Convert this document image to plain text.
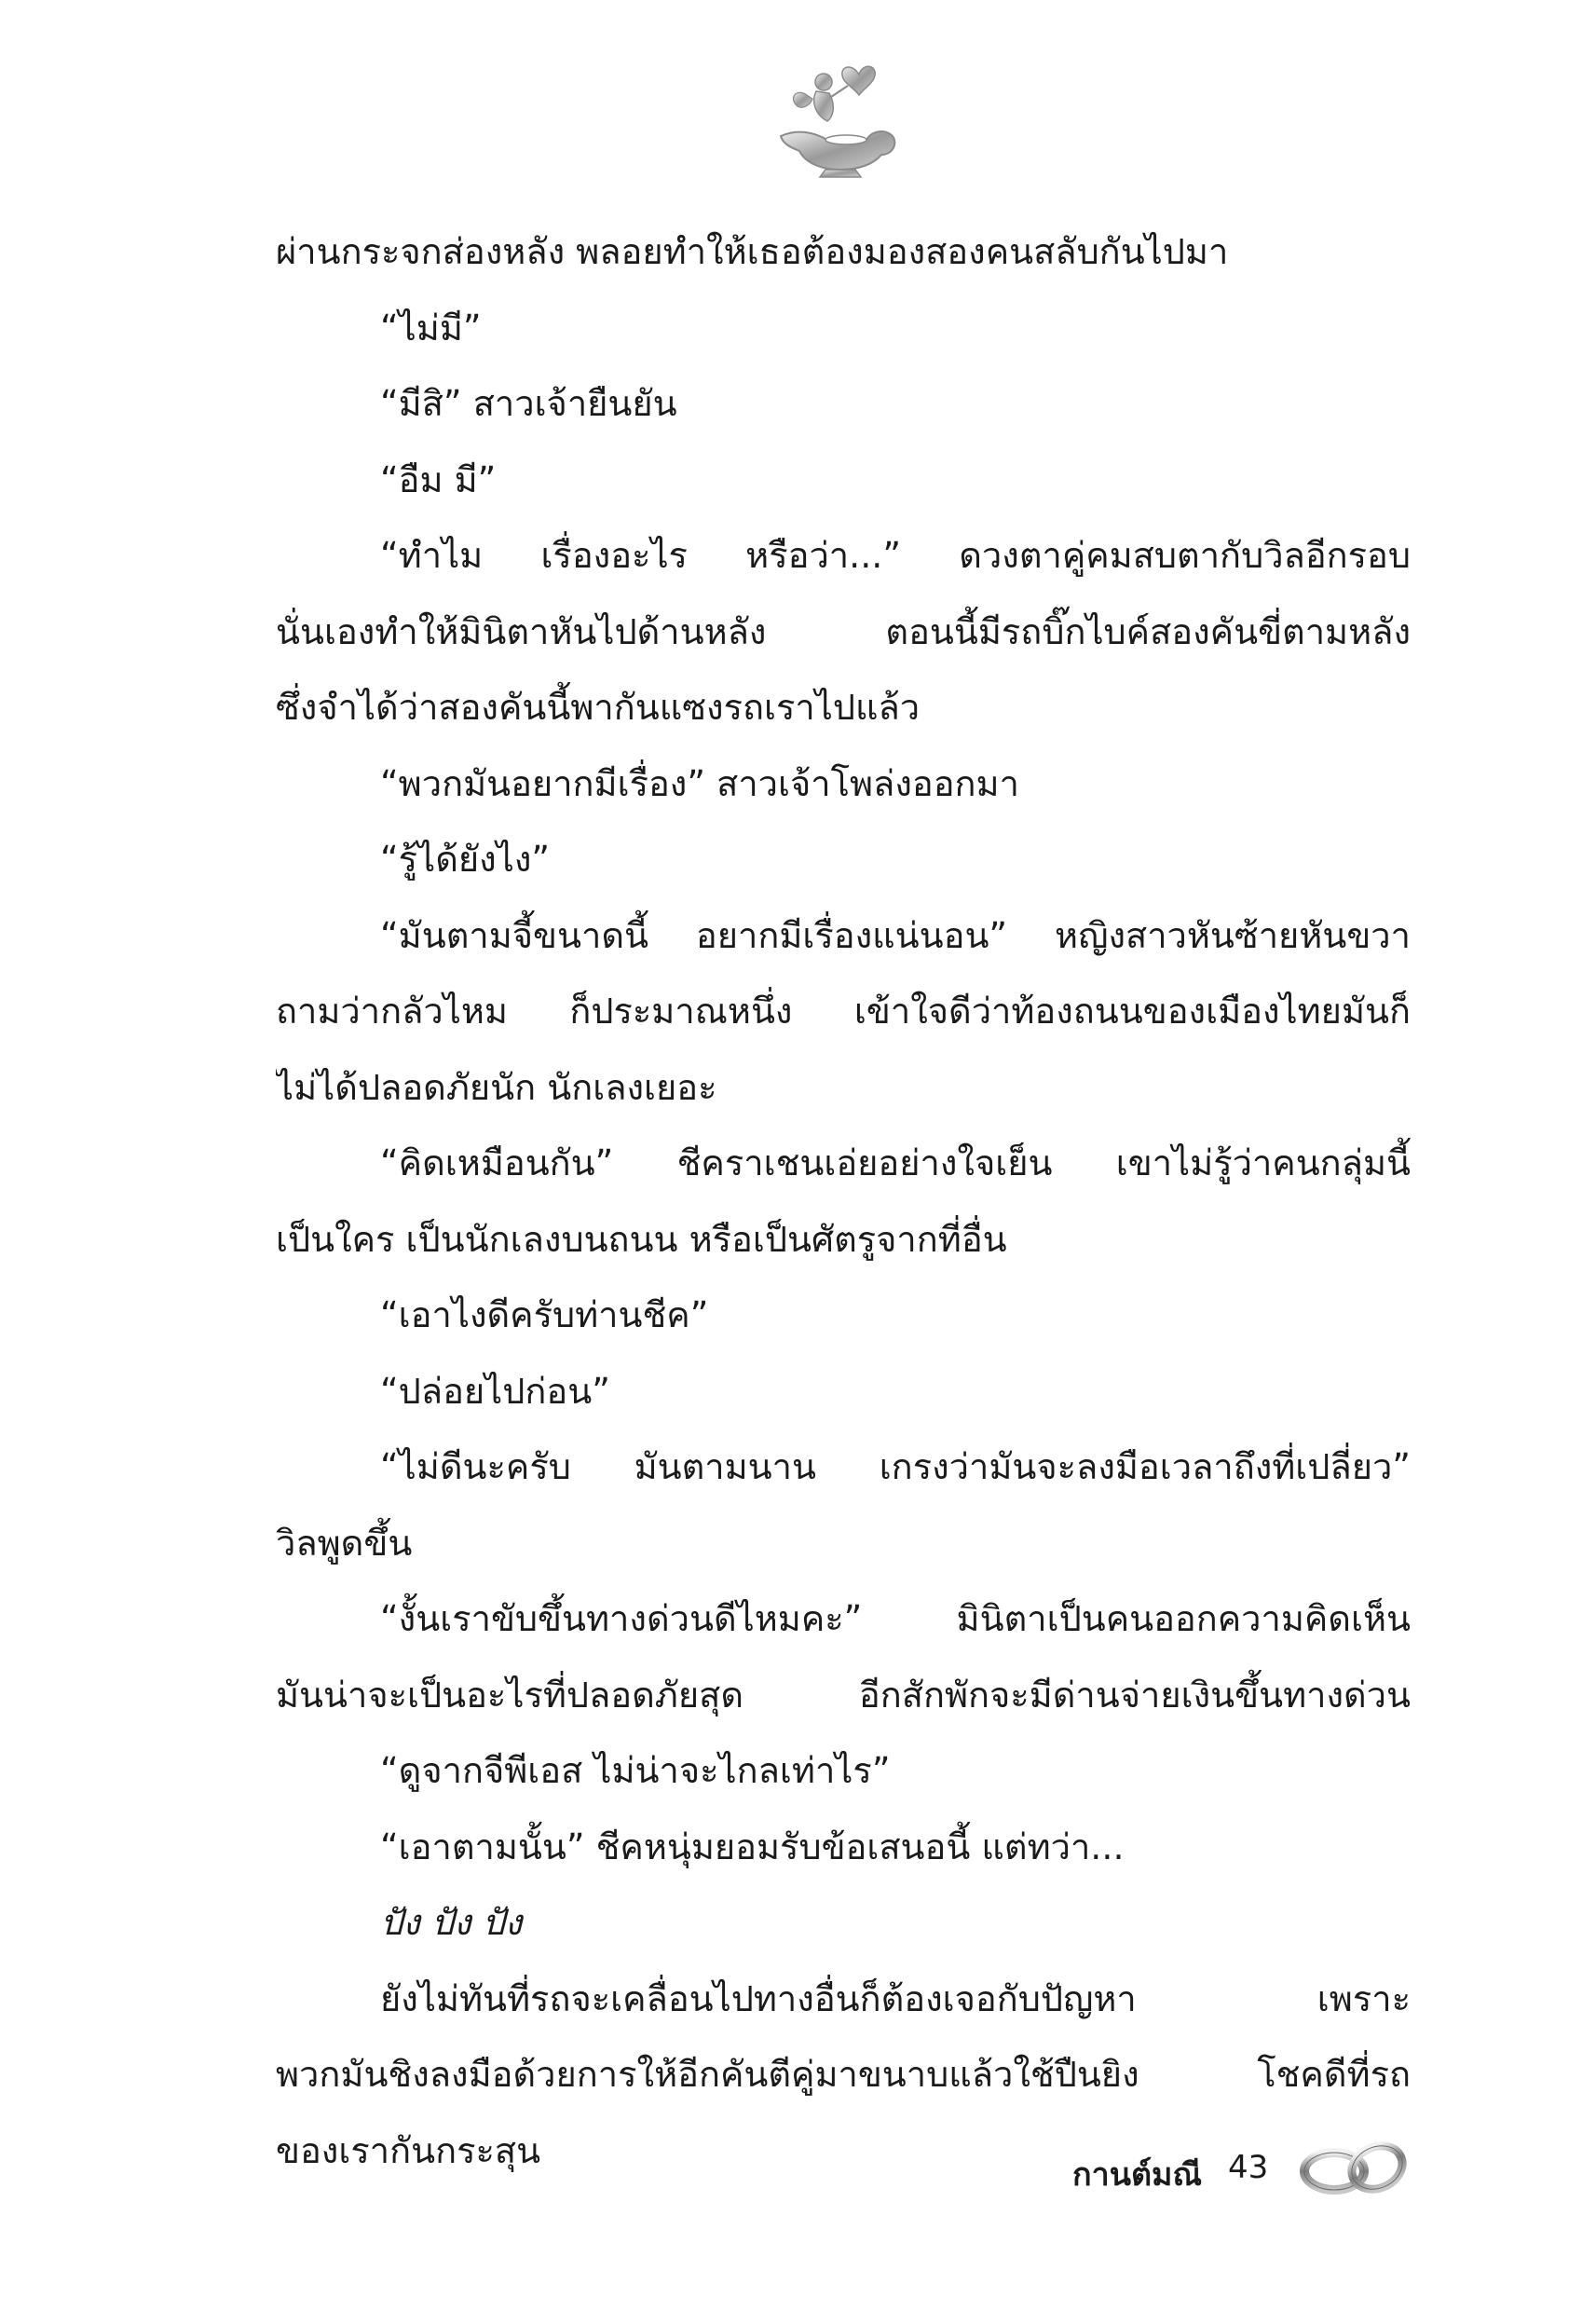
ผ่านกระจกส่องหลัง พลอยทำให้เธอต้องมองสองคนสลับกันไปมา
“ไม่มี”
“มีสิ” สาวเจ้ายืนยัน
“อืม มี”
“ทำไม เรื่องอะไร หรือว่า...” ดวงตาคู่คมสบตากับวิลอีกรอบ
นั่นเองทำให้มินิตาหันไปด้านหลัง ตอนนี้มีรถบิ๊กไบค์สองคันขี่ตามหลัง
ซึ่งจำได้ว่าสองคันนี้พากันแซงรถเราไปแล้ว
“พวกมันอยากมีเรื่อง” สาวเจ้าโพล่งออกมา
“รู้ได้ยังไง”
“มันตามจี้ขนาดนี้ อยากมีเรื่องแน่นอน” หญิงสาวหันซ้ายหันขวา
ถามว่ากลัวไหม ก็ประมาณหนึ่ง เข้าใจดีว่าท้องถนนของเมืองไทยมันก็
ไม่ได้ปลอดภัยนัก นักเลงเยอะ
“คิดเหมือนกัน” ชีคราเชนเอ่ยอย่างใจเย็น เขาไม่รู้ว่าคนกลุ่มนี้
เป็นใคร เป็นนักเลงบนถนน หรือเป็นศัตรูจากที่อื่น
“เอาไงดีครับท่านชีค”
“ปล่อยไปก่อน”
“ไม่ดีนะครับ มันตามนาน เกรงว่ามันจะลงมือเวลาถึงที่เปลี่ยว”
วิลพูดขึ้น
“งั้นเราขับขึ้นทางด่วนดีไหมคะ” มินิตาเป็นคนออกความคิดเห็น
มันน่าจะเป็นอะไรที่ปลอดภัยสุด อีกสักพักจะมีด่านจ่ายเงินขึ้นทางด่วน
“ดูจากจีพีเอส ไม่น่าจะไกลเท่าไร”
“เอาตามนั้น” ชีคหนุ่มยอมรับข้อเสนอนี้ แต่ทว่า...
ปัง ปัง ปัง
ยังไม่ทันที่รถจะเคลื่อนไปทางอื่นก็ต้องเจอกับปัญหา เพราะ
พวกมันชิงลงมือด้วยการให้อีกคันตีคู่มาขนาบแล้วใช้ปืนยิง โชคดีที่รถ
ของเรากันกระสุน
กานต์มณี 43
